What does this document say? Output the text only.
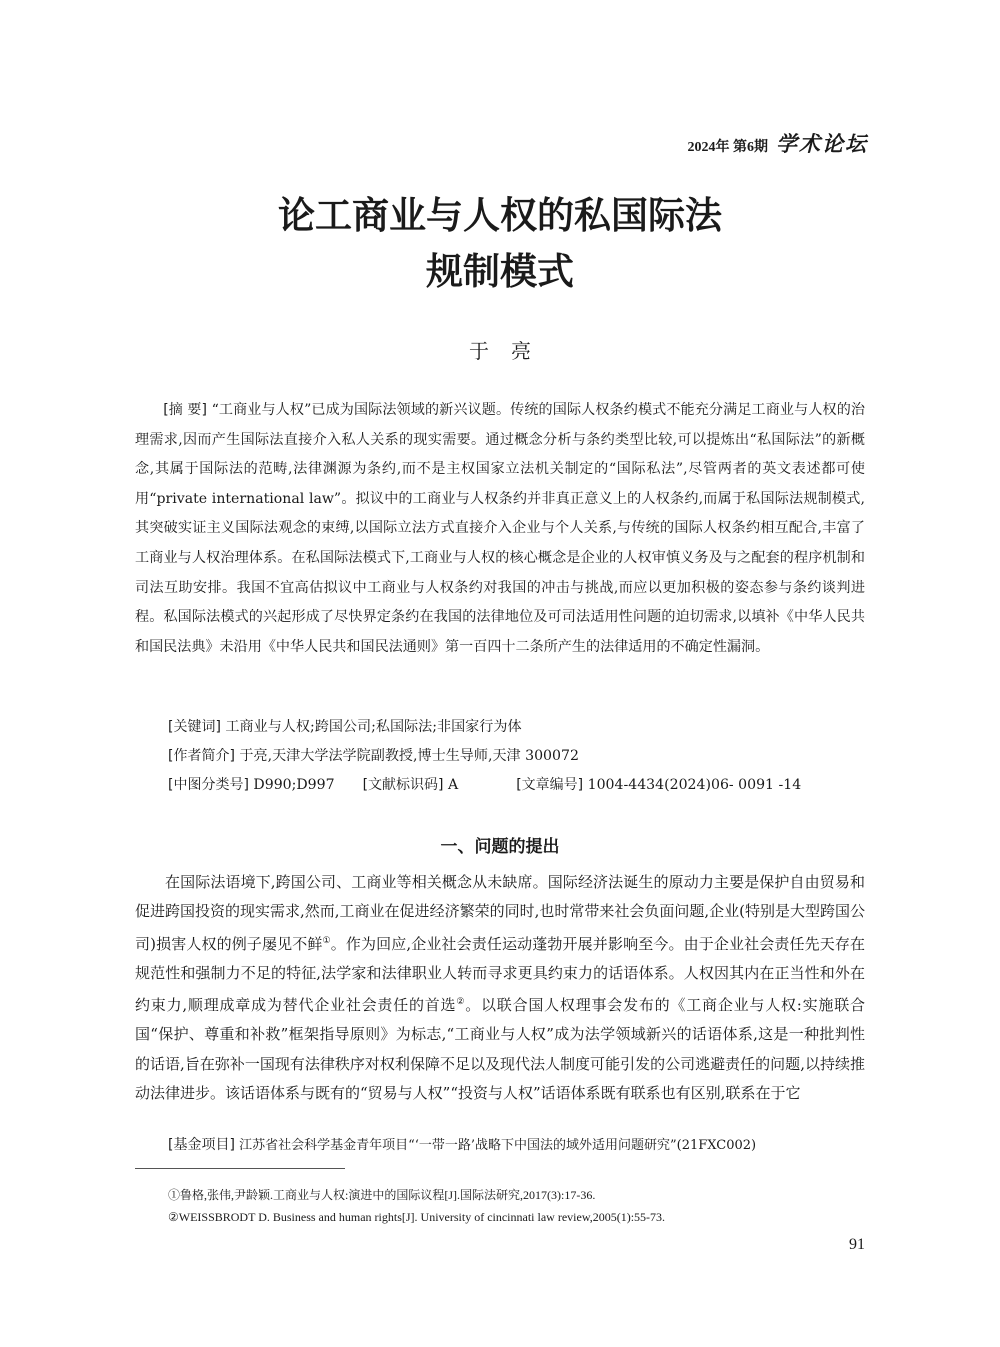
2024年 第6期 学术论坛
论工商业与人权的私国际法
规制模式
于亮

[摘 要] “工商业与人权”已成为国际法领域的新兴议题。传统的国际人权条约模式不能充分满足工商业与人权的治理需求,因而产生国际法直接介入私人关系的现实需要。通过概念分析与条约类型比较,可以提炼出“私国际法”的新概念,其属于国际法的范畴,法律渊源为条约,而不是主权国家立法机关制定的“国际私法”,尽管两者的英文表述都可使用“private international law”。拟议中的工商业与人权条约并非真正意义上的人权条约,而属于私国际法规制模式,其突破实证主义国际法观念的束缚,以国际立法方式直接介入企业与个人关系,与传统的国际人权条约相互配合,丰富了工商业与人权治理体系。在私国际法模式下,工商业与人权的核心概念是企业的人权审慎义务及与之配套的程序机制和司法互助安排。我国不宜高估拟议中工商业与人权条约对我国的冲击与挑战,而应以更加积极的姿态参与条约谈判进程。私国际法模式的兴起形成了尽快界定条约在我国的法律地位及可司法适用性问题的迫切需求,以填补《中华人民共和国民法典》未沿用《中华人民共和国民法通则》第一百四十二条所产生的法律适用的不确定性漏洞。

[关键词] 工商业与人权;跨国公司;私国际法;非国家行为体
[作者简介] 于亮,天津大学法学院副教授,博士生导师,天津 300072
[中图分类号] D990;D997 [文献标识码] A	[文章编号] 1004-4434(2024)06- 0091 -14
一、问题的提出

在国际法语境下,跨国公司、工商业等相关概念从未缺席。国际经济法诞生的原动力主要是保护自由贸易和促进跨国投资的现实需求,然而,工商业在促进经济繁荣的同时,也时常带来社会负面问题,企业(特别是大型跨国公司)损害人权的例子屡见不鲜①。作为回应,企业社会责任运动蓬勃开展并影响至今。由于企业社会责任先天存在规范性和强制力不足的特征,法学家和法律职业人转而寻求更具约束力的话语体系。人权因其内在正当性和外在约束力,顺理成章成为替代企业社会责任的首选②。以联合国人权理事会发布的《工商企业与人权:实施联合国“保护、尊重和补救”框架指导原则》为标志,“工商业与人权”成为法学领域新兴的话语体系,这是一种批判性的话语,旨在弥补一国现有法律秩序对权利保障不足以及现代法人制度可能引发的公司逃避责任的问题,以持续推动法律进步。该话语体系与既有的“贸易与人权”“投资与人权”话语体系既有联系也有区别,联系在于它

[基金项目] 江苏省社会科学基金青年项目“‘一带一路’战略下中国法的域外适用问题研究”(21FXC002)
①鲁格,张伟,尹龄颖.工商业与人权:演进中的国际议程[J].国际法研究,2017(3):17-36.
②WEISSBRODT D. Business and human rights[J]. University of cincinnati law review,2005(1):55-73.
91
